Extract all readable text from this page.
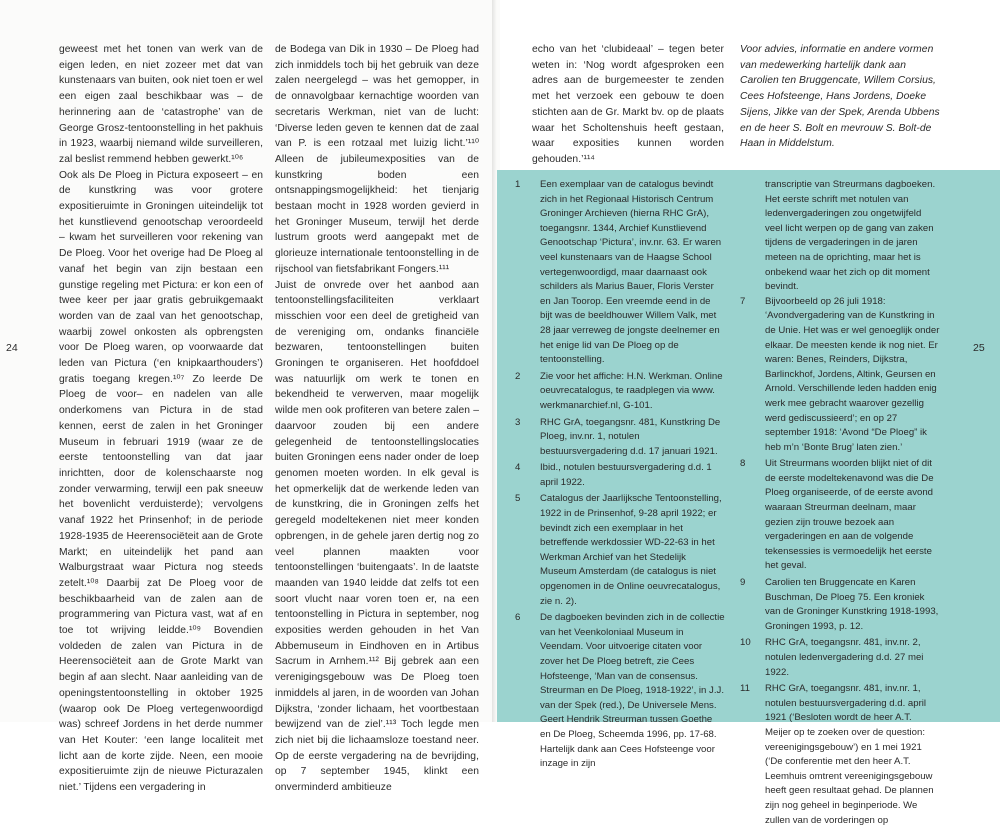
geweest met het tonen van werk van de eigen leden, en niet zozeer met dat van kunstenaars van buiten, ook niet toen er wel een eigen zaal beschikbaar was – de herinnering aan de ‘catastrophe’ van de George Grosz-tentoonstelling in het pakhuis in 1923, waarbij niemand wilde surveilleren, zal beslist remmend hebben gewerkt.¹⁰⁶

Ook als De Ploeg in Pictura exposeert – en de kunstkring was voor grotere expositieruimte in Groningen uiteindelijk tot het kunstlievend genootschap veroordeeld – kwam het surveilleren voor rekening van De Ploeg. Voor het overige had De Ploeg al vanaf het begin van zijn bestaan een gunstige regeling met Pictura: er kon een of twee keer per jaar gratis gebruikgemaakt worden van de zaal van het genootschap, waarbij zowel onkosten als opbrengsten voor De Ploeg waren, op voorwaarde dat leden van Pictura (‘en knipkaarthouders’) gratis toegang kregen.¹⁰⁷ Zo leerde De Ploeg de voor– en nadelen van alle onderkomens van Pictura in de stad kennen, eerst de zalen in het Groninger Museum in februari 1919 (waar ze de eerste tentoonstelling van dat jaar inrichtten, door de kolenschaarste nog zonder verwarming, terwijl een pak sneeuw het bovenlicht verduisterde); vervolgens vanaf 1922 het Prinsenhof; in de periode 1928-1935 de Heerensociëteit aan de Grote Markt; en uiteindelijk het pand aan Walburgstraat waar Pictura nog steeds zetelt.¹⁰⁸ Daarbij zat De Ploeg voor de beschikbaarheid van de zalen aan de programmering van Pictura vast, wat af en toe tot wrijving leidde.¹⁰⁹ Bovendien voldeden de zalen van Pictura in de Heerensociëteit aan de Grote Markt van begin af aan slecht. Naar aanleiding van de openingstentoonstelling in oktober 1925 (waarop ook De Ploeg vertegenwoordigd was) schreef Jordens in het derde nummer van Het Kouter: ‘een lange localiteit met licht aan de korte zijde. Neen, een mooie expositieruimte zijn de nieuwe Picturazalen niet.’ Tijdens een vergadering in

de Bodega van Dik in 1930 – De Ploeg had zich inmiddels toch bij het gebruik van deze zalen neergelegd – was het gemopper, in de onnavolgbaar kernachtige woorden van secretaris Werkman, niet van de lucht: ‘Diverse leden geven te kennen dat de zaal van P. is een rotzaal met luizig licht.’¹¹⁰ Alleen de jubileumexposities van de kunstkring boden een ontsnappingsmogelijkheid: het tienjarig bestaan mocht in 1928 worden gevierd in het Groninger Museum, terwijl het derde lustrum groots werd aangepakt met de glorieuze internationale tentoonstelling in de rijschool van fietsfabrikant Fongers.¹¹¹

Juist de onvrede over het aanbod aan tentoonstellingsfaciliteiten verklaart misschien voor een deel de gretigheid van de vereniging om, ondanks financiële bezwaren, tentoonstellingen buiten Groningen te organiseren. Het hoofddoel was natuurlijk om werk te tonen en bekendheid te verwerven, maar mogelijk wilde men ook profiteren van betere zalen – daarvoor zouden bij een andere gelegenheid de tentoonstellingslocaties buiten Groningen eens nader onder de loep genomen moeten worden. In elk geval is het opmerkelijk dat de werkende leden van de kunstkring, die in Groningen zelfs het geregeld modeltekenen niet meer konden opbrengen, in de gehele jaren dertig nog zo veel plannen maakten voor tentoonstellingen ‘buitengaats’. In de laatste maanden van 1940 leidde dat zelfs tot een soort vlucht naar voren toen er, na een tentoonstelling in Pictura in september, nog exposities werden gehouden in het Van Abbemuseum in Eindhoven en in Artibus Sacrum in Arnhem.¹¹² Bij gebrek aan een verenigingsgebouw was De Ploeg toen inmiddels al jaren, in de woorden van Johan Dijkstra, ‘zonder lichaam, het voortbestaan bewijzend van de ziel’.¹¹³ Toch legde men zich niet bij die lichaamsloze toestand neer. Op de eerste vergadering na de bevrijding, op 7 september 1945, klinkt een onverminderd ambitieuze

echo van het ‘clubideaal’ – tegen beter weten in: ‘Nog wordt afgesproken een adres aan de burgemeester te zenden met het verzoek een gebouw te doen stichten aan de Gr. Markt bv. op de plaats waar het Scholtenshuis heeft gestaan, waar exposities kunnen worden gehouden.’¹¹⁴

Voor advies, informatie en andere vormen van medewerking hartelijk dank aan Carolien ten Bruggencate, Willem Corsius, Cees Hofsteenge, Hans Jordens, Doeke Sijens, Jikke van der Spek, Arenda Ubbens en de heer S. Bolt en mevrouw S. Bolt-de Haan in Middelstum.

1	Een exemplaar van de catalogus bevindt zich in het Regionaal Historisch Centrum Groninger Archieven (hierna RHC GrA), toegangsnr. 1344, Archief Kunstlievend Genootschap ‘Pictura’, inv.nr. 63. Er waren veel kunstenaars van de Haagse School vertegenwoordigd, maar daarnaast ook schilders als Marius Bauer, Floris Verster en Jan Toorop. Een vreemde eend in de bijt was de beeldhouwer Willem Valk, met 28 jaar verreweg de jongste deelnemer en het enige lid van De Ploeg op de tentoonstelling.
2	Zie voor het affiche: H.N. Werkman. Online oeuvrecatalogus, te raadplegen via www. werkmanarchief.nl, G-101.
3	RHC GrA, toegangsnr. 481, Kunstkring De Ploeg, inv.nr. 1, notulen bestuursvergadering d.d. 17 januari 1921.
4	Ibid., notulen bestuursvergadering d.d. 1 april 1922.
5	Catalogus der Jaarlijksche Tentoonstelling, 1922 in de Prinsenhof, 9-28 april 1922; er bevindt zich een exemplaar in het betreffende werkdossier WD-22-63 in het Werkman Archief van het Stedelijk Museum Amsterdam (de catalogus is niet opgenomen in de Online oeuvrecatalogus, zie n. 2).
6	De dagboeken bevinden zich in de collectie van het Veenkoloniaal Museum in Veendam. Voor uitvoerige citaten voor zover het De Ploeg betreft, zie Cees Hofsteenge, ‘Man van de consensus. Streurman en De Ploeg, 1918-1922’, in J.J. van der Spek (red.), De Universele Mens. Geert Hendrik Streurman tussen Goethe en De Ploeg, Scheemda 1996, pp. 17-68. Hartelijk dank aan Cees Hofsteenge voor inzage in zijn
transcriptie van Streurmans dagboeken. Het eerste schrift met notulen van ledenvergaderingen zou ongetwijfeld veel licht werpen op de gang van zaken tijdens de vergaderingen in de jaren meteen na de oprichting, maar het is onbekend waar het zich op dit moment bevindt.
7	Bijvoorbeeld op 26 juli 1918: ‘Avondvergadering van de Kunstkring in de Unie. Het was er wel genoeglijk onder elkaar. De meesten kende ik nog niet. Er waren: Benes, Reinders, Dijkstra, Barlinckhof, Jordens, Altink, Geursen en Arnold. Verschillende leden hadden enig werk mee gebracht waarover gezellig werd gediscussieerd’; en op 27 september 1918: ‘Avond “De Ploeg” ik heb m’n ‘Bonte Brug’ laten zien.’
8	Uit Streurmans woorden blijkt niet of dit de eerste modeltekenavond was die De Ploeg organiseerde, of de eerste avond waaraan Streurman deelnam, maar gezien zijn trouwe bezoek aan vergaderingen en aan de volgende tekensessies is vermoedelijk het eerste het geval.
9	Carolien ten Bruggencate en Karen Buschman, De Ploeg 75. Een kroniek van de Groninger Kunstkring 1918-1993, Groningen 1993, p. 12.
10	RHC GrA, toegangsnr. 481, inv.nr. 2, notulen ledenvergadering d.d. 27 mei 1922.
11	RHC GrA, toegangsnr. 481, inv.nr. 1, notulen bestuursvergadering d.d. april 1921 (‘Besloten wordt de heer A.T. Meijer op te zoeken over de question: vereenigingsgebouw’) en 1 mei 1921 (‘De conferentie met den heer A.T. Leemhuis omtrent vereenigingsgebouw heeft geen resultaat gehad. De plannen zijn nog geheel in beginperiode. We zullen van de vorderingen op
24	25
